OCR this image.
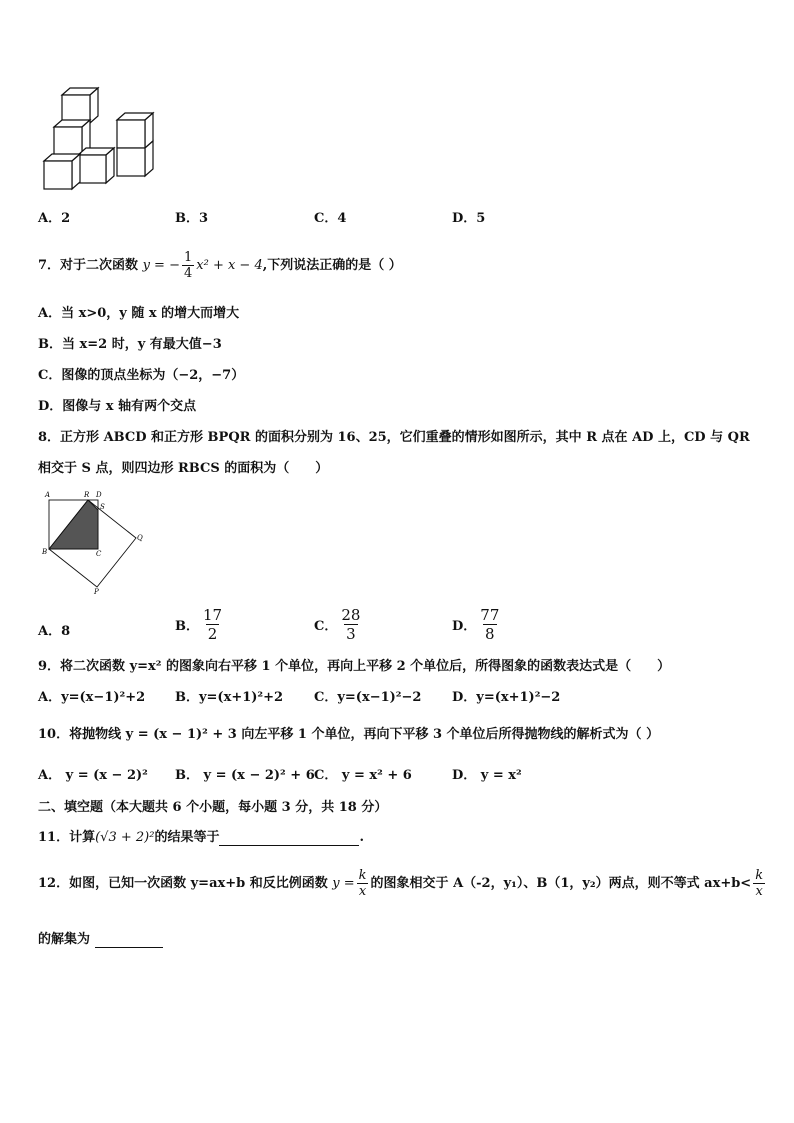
A．2	B．3	C．4	D．5
7．对于二次函数 y = − $\frac{1}{4} x^2 + x - 4$,下列说法正确的是（ ）
A．当 x>0，y 随 x 的增大而增大
B．当 x=2 时，y 有最大值−3
C．图像的顶点坐标为（−2，−7）
D．图像与 x 轴有两个交点
8．正方形 ABCD 和正方形 BPQR 的面积分别为 16、25，它们重叠的情形如图所示，其中 R 点在 AD 上，CD 与 QR
相交于 S 点，则四边形 RBCS 的面积为（　　）
A	R D
S
B	C
Q
P
A．8	B． $\frac{17}{2}$	C． $\frac{28}{3}$	D． $\frac{77}{8}$
9．将二次函数 y=x² 的图象向右平移 1 个单位，再向上平移 2 个单位后，所得图象的函数表达式是（　　）
A．y=(x−1)²+2 B．y=(x+1)²+2 C．y=(x−1)²−2 D．y=(x+1)²−2
10．将抛物线 y = (x − 1)² + 3 向左平移 1 个单位，再向下平移 3 个单位后所得抛物线的解析式为（ ）
A． y = (x − 2)² B． y = (x − 2)² + 6 C． y = x² + 6	D． y = x²
二、填空题（本大题共 6 个小题，每小题 3 分，共 18 分）
11．计算(√3 + 2)²的结果等于	.
12．如图，已知一次函数 y=ax+b 和反比例函数 $y = \frac{k}{x}$ 的图象相交于 A（-2，y₁）、B（1，y₂）两点，则不等式 $ax+b< \frac{k}{x}$
的解集为
